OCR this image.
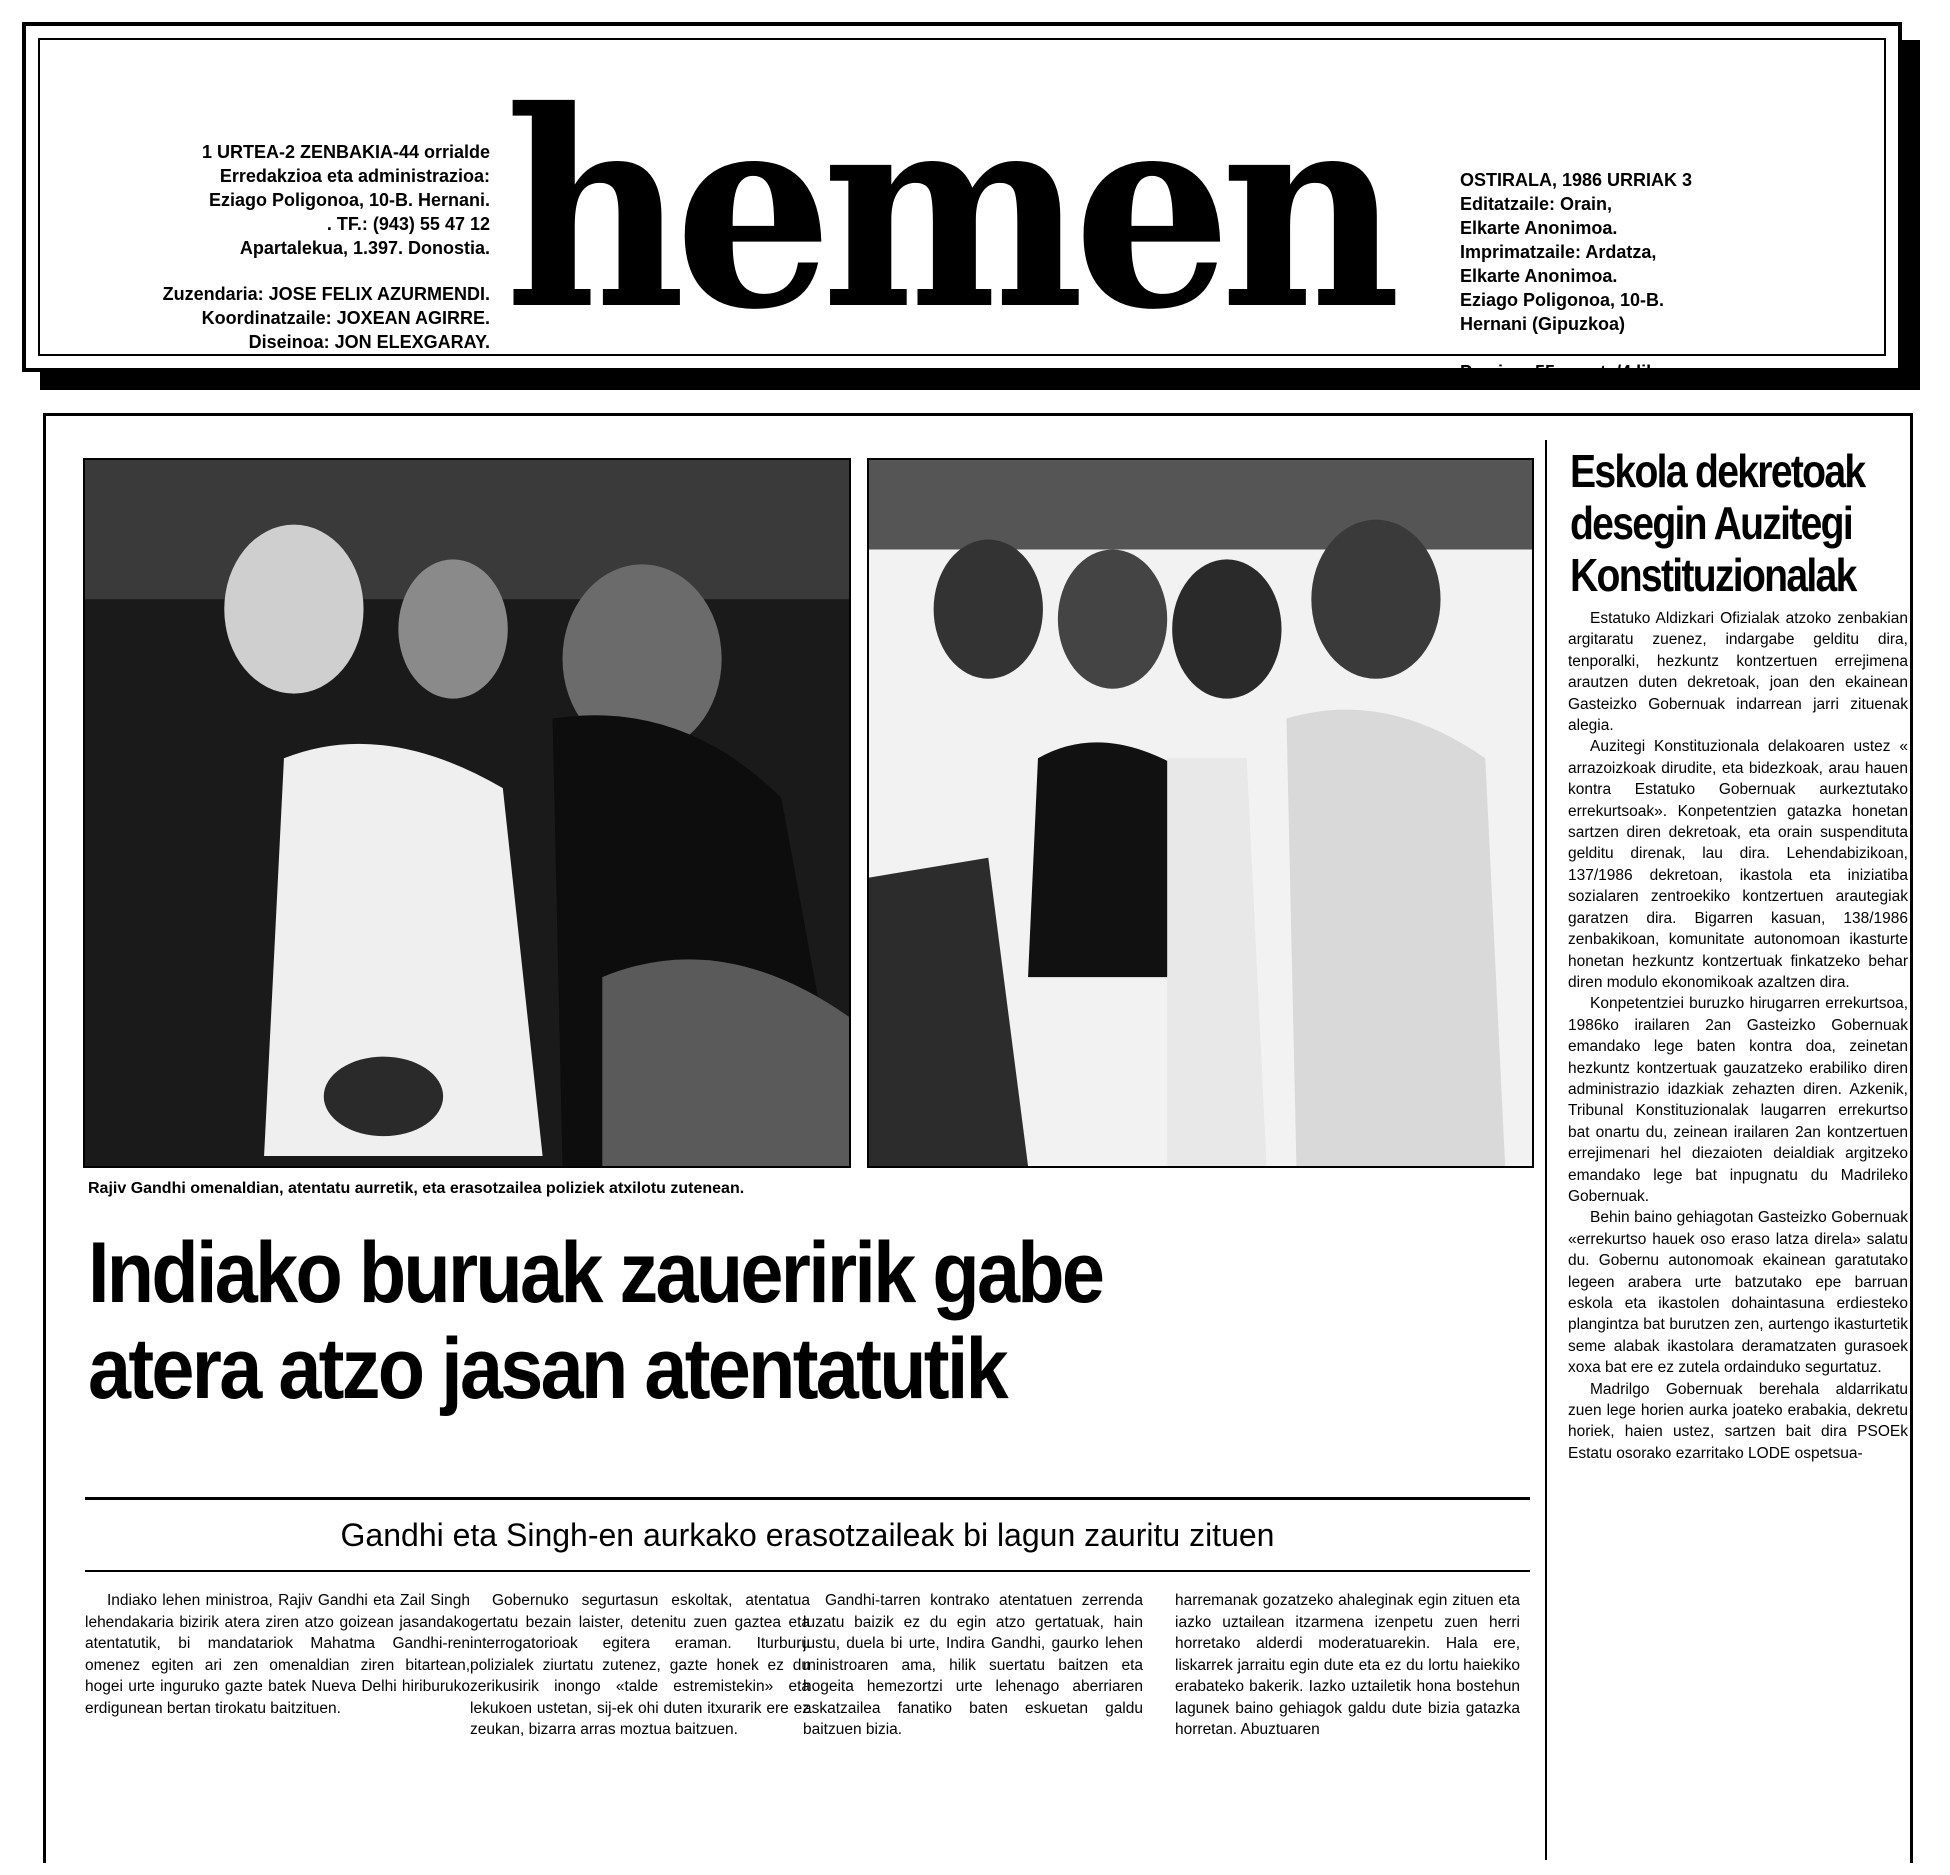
1 URTEA-2 ZENBAKIA-44 orrialde
Erredakzioa eta administrazioa:
Eziago Poligonoa, 10-B. Hernani.
. TF.: (943) 55 47 12
Apartalekua, 1.397. Donostia.
Zuzendaria: JOSE FELIX AZURMENDI.
Koordinatzaile: JOXEAN AGIRRE.
Diseinoa: JON ELEXGARAY. hemen	OSTIRALA, 1986 URRIAK 3
Editatzaile: Orain,
Elkarte Anonimoa.
Imprimatzaile: Ardatza,
Elkarte Anonimoa.
Eziago Poligonoa, 10-B.
Hernani (Gipuzkoa)
Prezioa: 55 pezeta/4 libera.
Rajiv Gandhi omenaldian, atentatu aurretik, eta erasotzailea poliziek atxilotu zutenean.
Indiako buruak zaueririk gabe
atera atzo jasan atentatutik
Gandhi eta Singh-en aurkako erasotzaileak bi lagun zauritu zituen

Indiako lehen ministroa, Rajiv Gandhi eta Zail Singh lehendakaria bizirik atera ziren atzo goizean jasandako atentatutik, bi mandatariok Mahatma Gandhi-ren omenez egiten ari zen omenaldian ziren bitartean, hogei urte inguruko gazte batek Nueva Delhi hiriburuko erdigunean bertan tirokatu baitzituen.

Gobernuko segurtasun eskoltak, atentatua gertatu bezain laister, detenitu zuen gaztea eta interrogatorioak egitera eraman. Iturburu polizialek ziurtatu zutenez, gazte honek ez du zerikusirik inongo «talde estremistekin» eta lekukoen ustetan, sij-ek ohi duten itxurarik ere ez zeukan, bizarra arras moztua baitzuen.

Gandhi-tarren kontrako atentatuen zerrenda luzatu baizik ez du egin atzo gertatuak, hain justu, duela bi urte, Indira Gandhi, gaurko lehen ministroaren ama, hilik suertatu baitzen eta hogeita hemezortzi urte lehenago aberriaren askatzailea fanatiko baten eskuetan galdu baitzuen bizia.

harremanak gozatzeko ahaleginak egin zituen eta iazko uztailean itzarmena izenpetu zuen herri horretako alderdi moderatuarekin. Hala ere, liskarrek jarraitu egin dute eta ez du lortu haiekiko erabateko bakerik. Iazko uztailetik hona bostehun lagunek baino gehiagok galdu dute bizia gatazka horretan. Abuztuaren

Eskola dekretoak
desegin Auzitegi
Konstituzionalak

Estatuko Aldizkari Ofizialak atzoko zenbakian argitaratu zuenez, indargabe gelditu dira, tenporalki, hezkuntz kontzertuen errejimena arautzen duten dekretoak, joan den ekainean Gasteizko Gobernuak indarrean jarri zituenak alegia.

Auzitegi Konstituzionala delakoaren ustez « arrazoizkoak dirudite, eta bidezkoak, arau hauen kontra Estatuko Gobernuak aurkeztutako errekurtsoak». Konpetentzien gatazka honetan sartzen diren dekretoak, eta orain suspendituta gelditu direnak, lau dira. Lehendabizikoan, 137/1986 dekretoan, ikastola eta iniziatiba sozialaren zentroekiko kontzertuen arautegiak garatzen dira. Bigarren kasuan, 138/1986 zenbakikoan, komunitate autonomoan ikasturte honetan hezkuntz kontzertuak finkatzeko behar diren modulo ekonomikoak azaltzen dira.

Konpetentziei buruzko hirugarren errekurtsoa, 1986ko irailaren 2an Gasteizko Gobernuak emandako lege baten kontra doa, zeinetan hezkuntz kontzertuak gauzatzeko erabiliko diren administrazio idazkiak zehazten diren. Azkenik, Tribunal Konstituzionalak laugarren errekurtso bat onartu du, zeinean irailaren 2an kontzertuen errejimenari hel diezaioten deialdiak argitzeko emandako lege bat inpugnatu du Madrileko Gobernuak.

Behin baino gehiagotan Gasteizko Gobernuak «errekurtso hauek oso eraso latza direla» salatu du. Gobernu autonomoak ekainean garatutako legeen arabera urte batzutako epe barruan eskola eta ikastolen dohaintasuna erdiesteko plangintza bat burutzen zen, aurtengo ikasturtetik seme alabak ikastolara deramatzaten gurasoek xoxa bat ere ez zutela ordainduko segurtatuz.

Madrilgo Gobernuak berehala aldarrikatu zuen lege horien aurka joateko erabakia, dekretu horiek, haien ustez, sartzen bait dira PSOEk Estatu osorako ezarritako LODE ospetsua-
